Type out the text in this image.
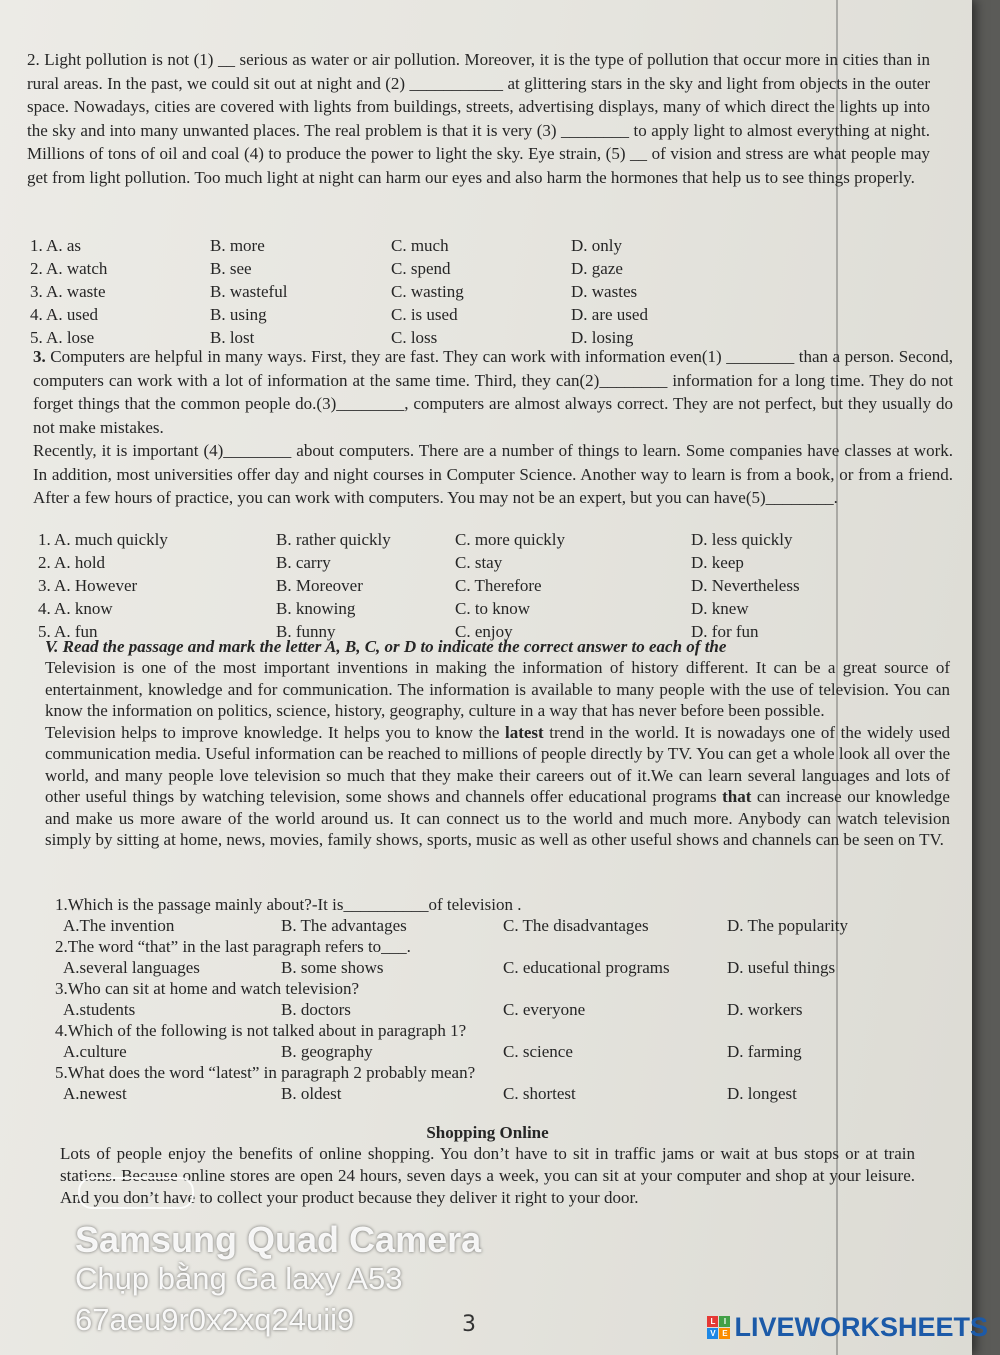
2. Light pollution is not (1) __ serious as water or air pollution. Moreover, it is the type of pollution that occur more in cities than in rural areas. In the past, we could sit out at night and (2) ___________ at glittering stars in the sky and light from objects in the outer space. Nowadays, cities are covered with lights from buildings, streets, advertising displays, many of which direct the lights up into the sky and into many unwanted places. The real problem is that it is very (3) ________ to apply light to almost everything at night. Millions of tons of oil and coal (4) to produce the power to light the sky. Eye strain, (5) __ of vision and stress are what people may get from light pollution. Too much light at night can harm our eyes and also harm the hormones that help us to see things properly.

1. A. as	B. more	C. much	D. only
2. A. watch	B. see	C. spend	D. gaze
3. A. waste	B. wasteful	C. wasting	D. wastes
4. A. used	B. using	C. is used	D. are used
5. A. lose	B. lost	C. loss	D. losing

3. Computers are helpful in many ways. First, they are fast. They can work with information even(1) ________ than a person. Second, computers can work with a lot of information at the same time. Third, they can(2)________ information for a long time. They do not forget things that the common people do.(3)________, computers are almost always correct. They are not perfect, but they usually do not make mistakes.

Recently, it is important (4)________ about computers. There are a number of things to learn. Some companies have classes at work. In addition, most universities offer day and night courses in Computer Science. Another way to learn is from a book, or from a friend. After a few hours of practice, you can work with computers. You may not be an expert, but you can have(5)________.

1. A. much quickly	B. rather quickly	C. more quickly	D. less quickly
2. A. hold	B. carry	C. stay	D. keep
3. A. However	B. Moreover	C. Therefore	D. Nevertheless
4. A. know	B. knowing	C. to know	D. knew
5. A. fun	B. funny	C. enjoy	D. for fun
V. Read the passage and mark the letter A, B, C, or D to indicate the correct answer to each of the

Television is one of the most important inventions in making the information of history different. It can be a great source of entertainment, knowledge and for communication. The information is available to many people with the use of television. You can know the information on politics, science, history, geography, culture in a way that has never before been possible.

Television helps to improve knowledge. It helps you to know the latest trend in the world. It is nowadays one of the widely used communication media. Useful information can be reached to millions of people directly by TV. You can get a whole look all over the world, and many people love television so much that they make their careers out of it.We can learn several languages and lots of other useful things by watching television, some shows and channels offer educational programs that can increase our knowledge and make us more aware of the world around us. It can connect us to the world and much more. Anybody can watch television simply by sitting at home, news, movies, family shows, sports, music as well as other useful shows and channels can be seen on TV.

1.Which is the passage mainly about?-It is__________of television .
A.The invention	B. The advantages	C. The disadvantages	D. The popularity
2.The word “that” in the last paragraph refers to___.
A.several languages	B. some shows	C. educational programs	D. useful things
3.Who can sit at home and watch television?
A.students	B. doctors	C. everyone	D. workers
4.Which of the following is not talked about in paragraph 1?
A.culture	B. geography	C. science	D. farming
5.What does the word “latest” in paragraph 2 probably mean?
A.newest	B. oldest	C. shortest	D. longest
Shopping Online

Lots of people enjoy the benefits of online shopping. You don’t have to sit in traffic jams or wait at bus stops or at train stations. Because online stores are open 24 hours, seven days a week, you can sit at your computer and shop at your leisure. And you don’t have to collect your product because they deliver it right to your door.

Samsung Quad Camera
Chụp bằng Ga laxy A53
67aeu9r0x2xq24uii9	3	L	I
V E LIVEWORKSHEETS
